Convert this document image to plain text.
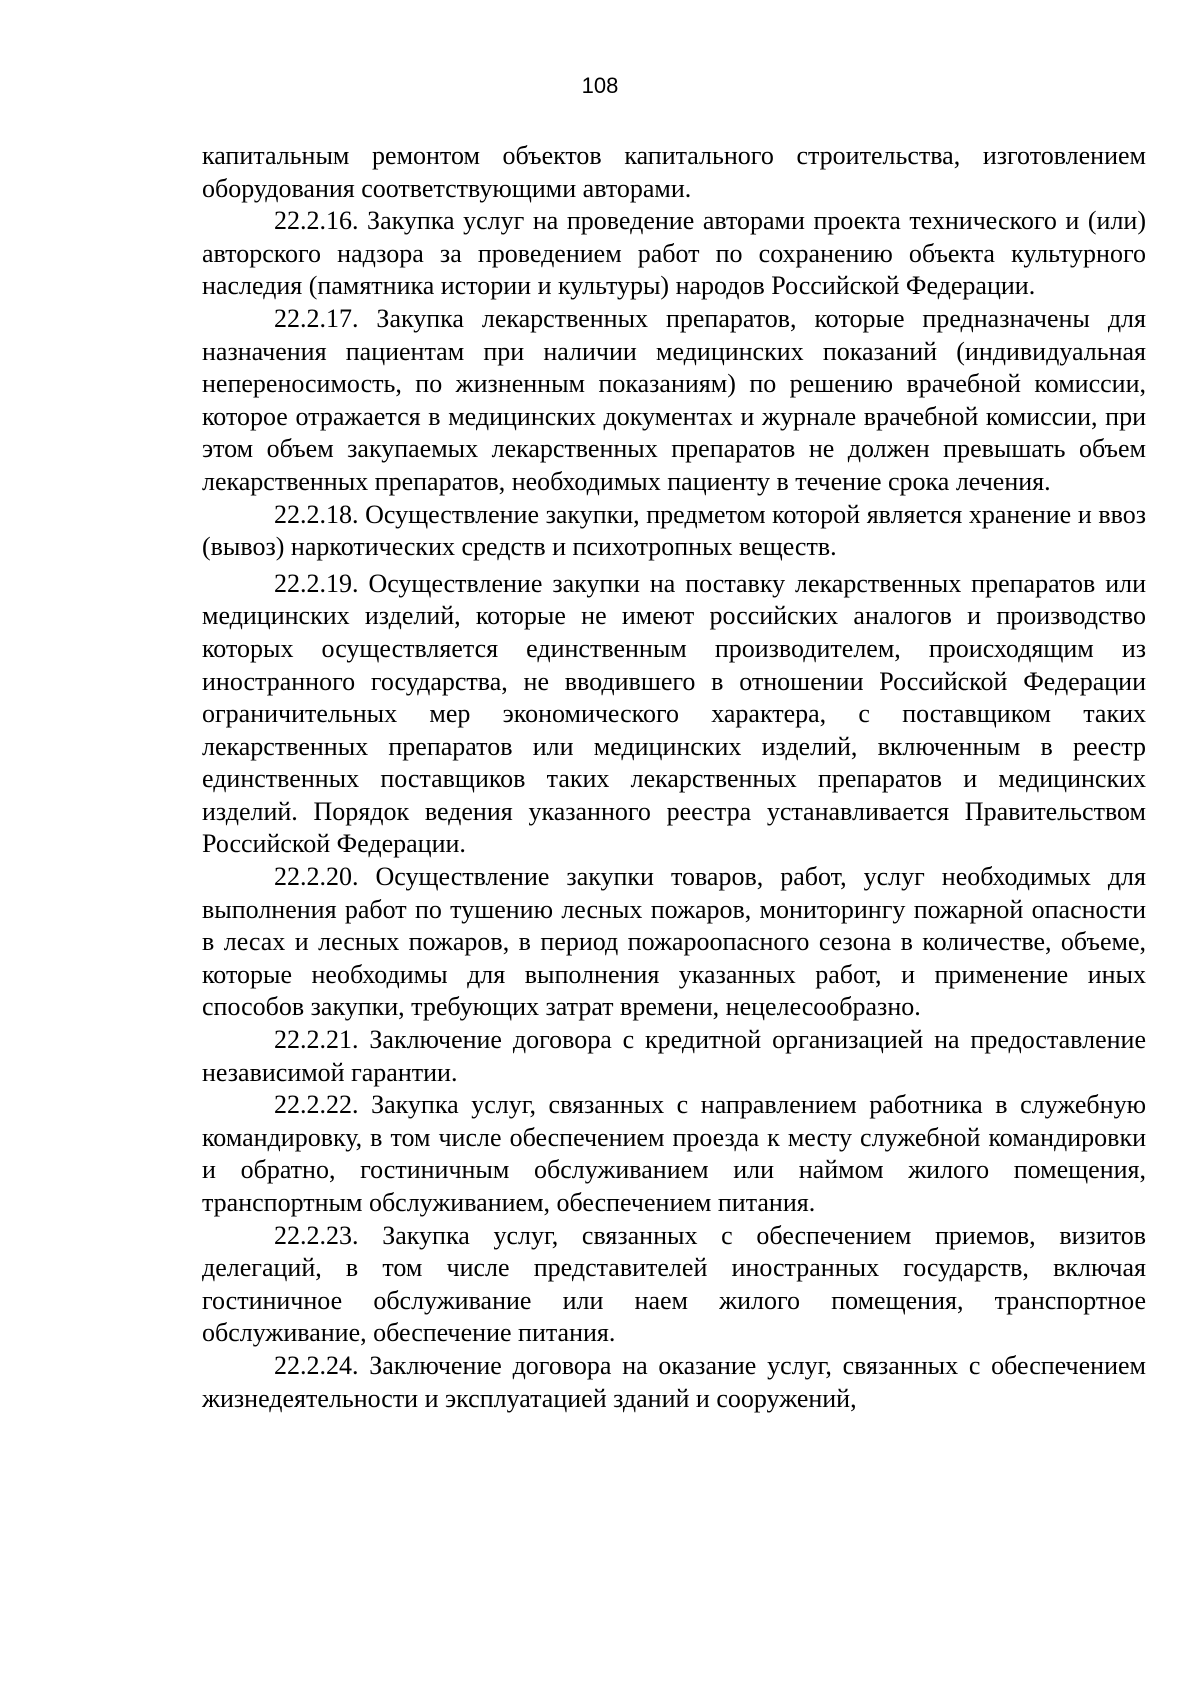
108

капитальным ремонтом объектов капитального строительства, изготовлением оборудования соответствующими авторами.

22.2.16. Закупка услуг на проведение авторами проекта технического и (или) авторского надзора за проведением работ по сохранению объекта культурного наследия (памятника истории и культуры) народов Российской Федерации.

22.2.17. Закупка лекарственных препаратов, которые предназначены для назначения пациентам при наличии медицинских показаний (индивидуальная непереносимость, по жизненным показаниям) по решению врачебной комиссии, которое отражается в медицинских документах и журнале врачебной комиссии, при этом объем закупаемых лекарственных препаратов не должен превышать объем лекарственных препаратов, необходимых пациенту в течение срока лечения.

22.2.18. Осуществление закупки, предметом которой является хранение и ввоз (вывоз) наркотических средств и психотропных веществ.

22.2.19. Осуществление закупки на поставку лекарственных препаратов или медицинских изделий, которые не имеют российских аналогов и производство которых осуществляется единственным производителем, происходящим из иностранного государства, не вводившего в отношении Российской Федерации ограничительных мер экономического характера, с поставщиком таких лекарственных препаратов или медицинских изделий, включенным в реестр единственных поставщиков таких лекарственных препаратов и медицинских изделий. Порядок ведения указанного реестра устанавливается Правительством Российской Федерации.

22.2.20. Осуществление закупки товаров, работ, услуг необходимых для выполнения работ по тушению лесных пожаров, мониторингу пожарной опасности в лесах и лесных пожаров, в период пожароопасного сезона в количестве, объеме, которые необходимы для выполнения указанных работ, и применение иных способов закупки, требующих затрат времени, нецелесообразно.

22.2.21. Заключение договора с кредитной организацией на предоставление независимой гарантии.

22.2.22. Закупка услуг, связанных с направлением работника в служебную командировку, в том числе обеспечением проезда к месту служебной командировки и обратно, гостиничным обслуживанием или наймом жилого помещения, транспортным обслуживанием, обеспечением питания.

22.2.23. Закупка услуг, связанных с обеспечением приемов, визитов делегаций, в том числе представителей иностранных государств, включая гостиничное обслуживание или наем жилого помещения, транспортное обслуживание, обеспечение питания.

22.2.24. Заключение договора на оказание услуг, связанных с обеспечением жизнедеятельности и эксплуатацией зданий и сооружений,
